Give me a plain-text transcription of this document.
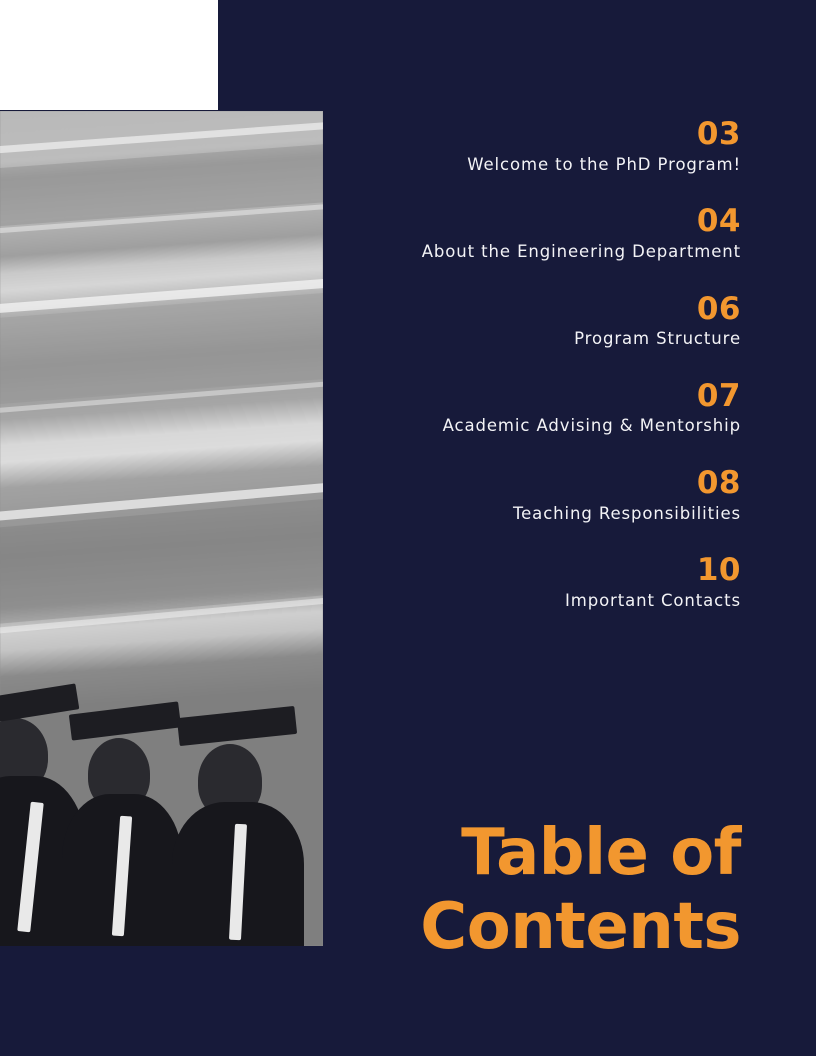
03
Welcome to the PhD Program!
04
About the Engineering Department
06
Program Structure
07
Academic Advising & Mentorship
08
Teaching Responsibilities
10
Important Contacts
Table of
Contents
